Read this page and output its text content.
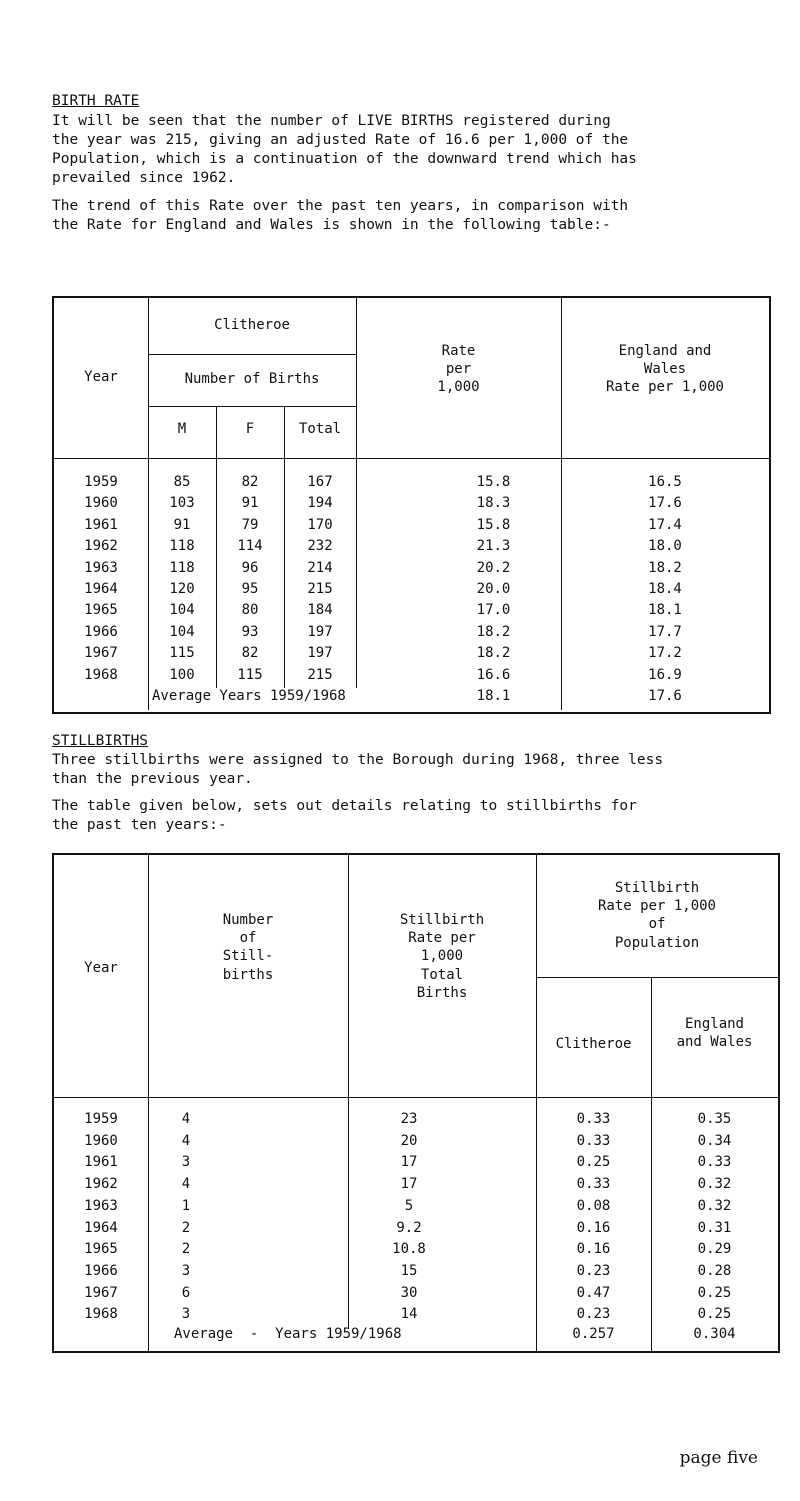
BIRTH RATE
It will be seen that the number of LIVE BIRTHS registered during
the year was 215, giving an adjusted Rate of 16.6 per 1,000 of the
Population, which is a continuation of the downward trend which has
prevailed since 1962.
The trend of this Rate over the past ten years, in comparison with
the Rate for England and Wales is shown in the following table:-
Year
Clitheroe
Number of Births
M	F	Total
Rate
per
1,000
England and
Wales
Rate per 1,000
1959	85	82	167	15.8	16.5
1960	103	91	194	18.3	17.6
1961	91	79	170	15.8	17.4
1962	118	114	232	21.3	18.0
1963	118	96	214	20.2	18.2
1964	120	95	215	20.0	18.4
1965	104	80	184	17.0	18.1
1966	104	93	197	18.2	17.7
1967	115	82	197	18.2	17.2
1968	100	115	215	16.6	16.9
Average Years 1959/1968	18.1	17.6
STILLBIRTHS
Three stillbirths were assigned to the Borough during 1968, three less
than the previous year.
The table given below, sets out details relating to stillbirths for
the past ten years:-
Year
Number
of
Still-
births
Stillbirth
Rate per
1,000
Total
Births
Stillbirth
Rate per 1,000
of
Population
Clitheroe
England
and Wales
1959	4	23	0.33	0.35
1960	4	20	0.33	0.34
1961	3	17	0.25	0.33
1962	4	17	0.33	0.32
1963	1	5	0.08	0.32
1964	2	9.2	0.16	0.31
1965	2	10.8	0.16	0.29
1966	3	15	0.23	0.28
1967	6	30	0.47	0.25
1968	3	14	0.23	0.25
Average  -  Years 1959/1968	0.257	0.304
page five
